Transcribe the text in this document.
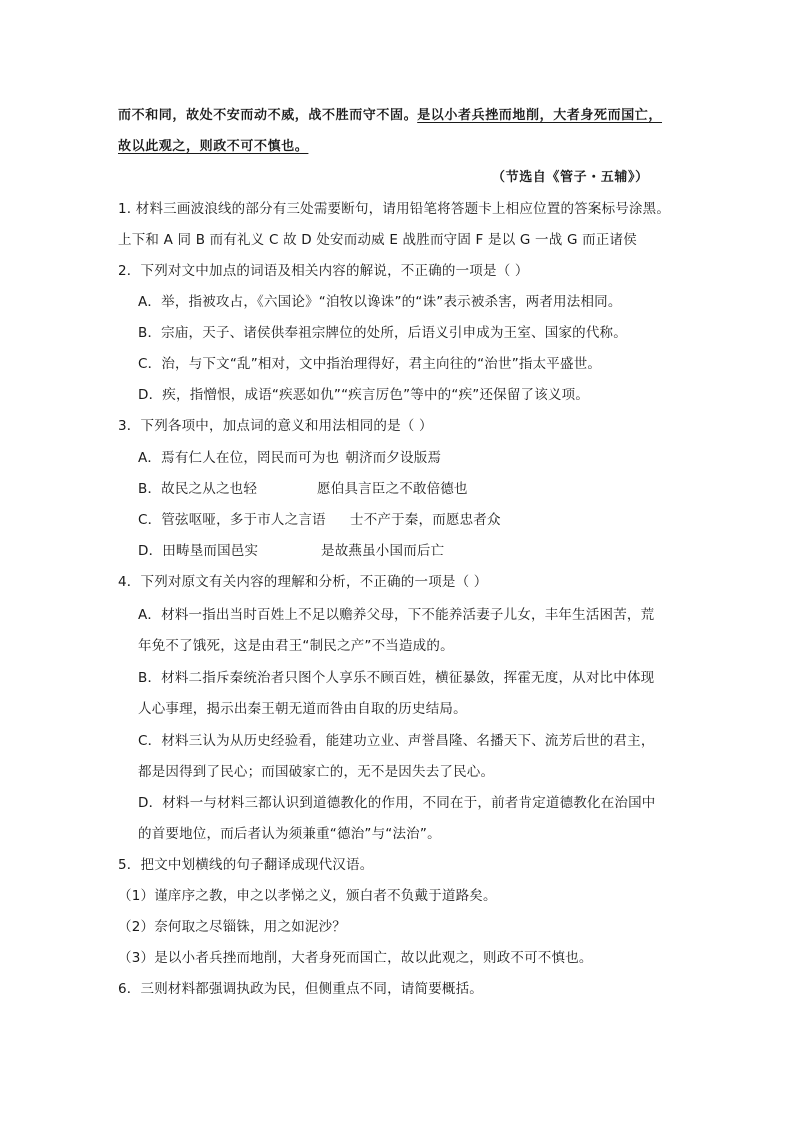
而不和同，故处不安而动不威，战不胜而守不固。是以小者兵挫而地削，大者身死而国亡，
故以此观之，则政不可不慎也。
（节选自《管子・五辅》）
1. 材料三画波浪线的部分有三处需要断句，请用铅笔将答题卡上相应位置的答案标号涂黑。
上下和 A 同 B 而有礼义 C 故 D 处安而动威 E 战胜而守固 F 是以 G 一战 G 而正诸侯
2．下列对文中加点的词语及相关内容的解说，不正确的一项是（ ）
A．举，指被攻占，《六国论》“洎牧以谗诛”的“诛”表示被杀害，两者用法相同。
B．宗庙，天子、诸侯供奉祖宗牌位的处所，后语义引申成为王室、国家的代称。
C．治，与下文“乱”相对，文中指治理得好，君主向往的“治世”指太平盛世。
D．疾，指憎恨，成语“疾恶如仇”“疾言厉色”等中的“疾”还保留了该义项。
3．下列各项中，加点词的意义和用法相同的是（ ）
A．焉有仁人在位，罔民而可为也 朝济而夕设版焉
B．故民之从之也轻	愿伯具言臣之不敢倍德也
C．管弦呕哑，多于市人之言语 士不产于秦，而愿忠者众
D．田畴垦而国邑实	是故燕虽小国而后亡
4．下列对原文有关内容的理解和分析，不正确的一项是（ ）
A．材料一指出当时百姓上不足以赡养父母，下不能养活妻子儿女，丰年生活困苦，荒
年免不了饿死，这是由君王“制民之产”不当造成的。
B．材料二指斥秦统治者只图个人享乐不顾百姓，横征暴敛，挥霍无度，从对比中体现
人心事理，揭示出秦王朝无道而咎由自取的历史结局。
C．材料三认为从历史经验看，能建功立业、声誉昌隆、名播天下、流芳后世的君主，
都是因得到了民心；而国破家亡的，无不是因失去了民心。
D．材料一与材料三都认识到道德教化的作用，不同在于，前者肯定道德教化在治国中
的首要地位，而后者认为须兼重“德治”与“法治”。
5．把文中划横线的句子翻译成现代汉语。
（1）谨庠序之教，申之以孝悌之义，颁白者不负戴于道路矣。
（2）奈何取之尽锱铢，用之如泥沙？
（3）是以小者兵挫而地削，大者身死而国亡，故以此观之，则政不可不慎也。
6．三则材料都强调执政为民，但侧重点不同，请简要概括。
